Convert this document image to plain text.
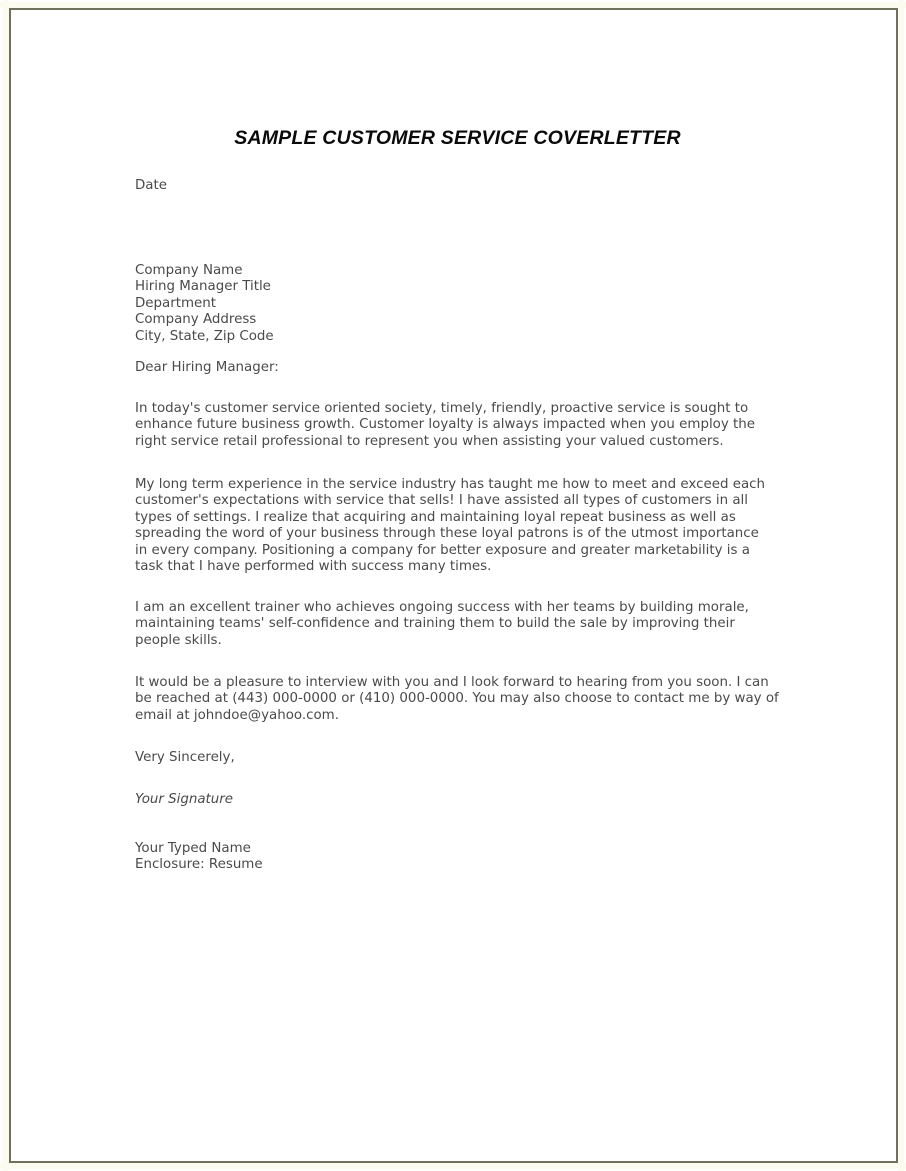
SAMPLE CUSTOMER SERVICE COVERLETTER

Date

Company Name

Hiring Manager Title

Department

Company Address

City, State, Zip Code

Dear Hiring Manager:

In today's customer service oriented society, timely, friendly, proactive service is sought to enhance future business growth. Customer loyalty is always impacted when you employ the right service retail professional to represent you when assisting your valued customers.

My long term experience in the service industry has taught me how to meet and exceed each customer's expectations with service that sells! I have assisted all types of customers in all types of settings. I realize that acquiring and maintaining loyal repeat business as well as spreading the word of your business through these loyal patrons is of the utmost importance in every company. Positioning a company for better exposure and greater marketability is a task that I have performed with success many times.

I am an excellent trainer who achieves ongoing success with her teams by building morale, maintaining teams' self-confidence and training them to build the sale by improving their people skills.

It would be a pleasure to interview with you and I look forward to hearing from you soon. I can be reached at (443) 000-0000 or (410) 000-0000. You may also choose to contact me by way of email at johndoe@yahoo.com.

Very Sincerely,

Your Signature

Your Typed Name

Enclosure: Resume
